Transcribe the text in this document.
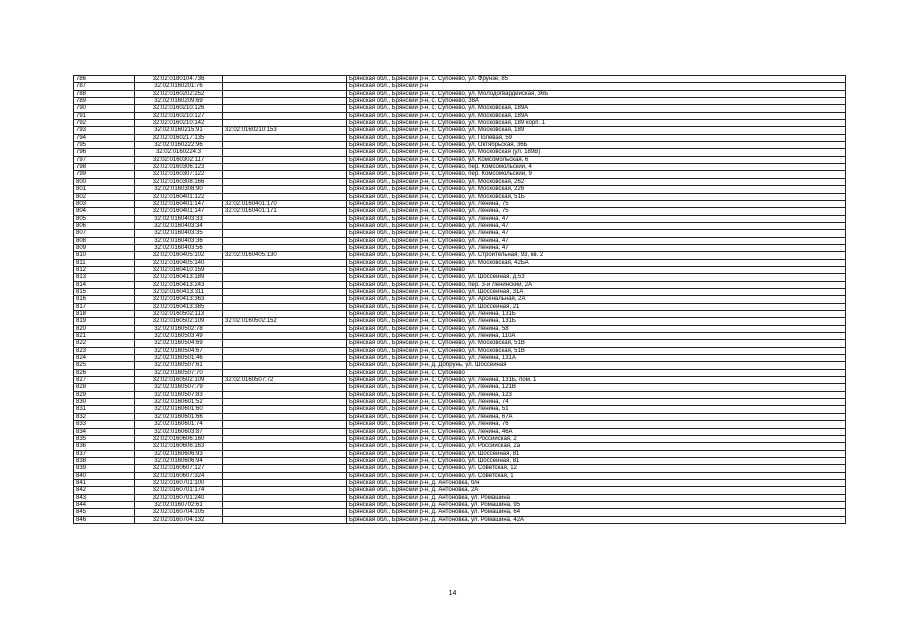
786	32:02:0180104:736		Брянская обл., Брянский р-н, с. Супонево, ул. Фрунзе, 85
787	32:02:0160201:76		Брянская обл., Брянский р-н
788	32:02:0160202:252		Брянская обл., Брянский р-н, с. Супонево, ул. Молодогвардейская, 36Б
789	32:02:0160209:69		Брянская обл., Брянский р-н, с. Супонево, 38А
790	32:02:0160210:126		Брянская обл., Брянский р-н, с. Супонево, ул. Московская, 189А
791	32:02:0160210:127		Брянская обл., Брянский р-н, с. Супонево, ул. Московская, 189А
792	32:02:0160210:142		Брянская обл., Брянский р-н, с. Супонево, ул. Московская, 189 корп. 1
793	32:02:0160215:91	32:02:0160210:153	Брянская обл., Брянский р-н, с. Супонево, ул. Московская, 189
794	32:02:0160217:135		Брянская обл., Брянский р-н, с. Супонево, ул. Полевая, 59
795	32:02:0160222:96		Брянская обл., Брянский р-н, с. Супонево, ул. Октябрьская, 36Б
796	32:02:0160224:3		Брянская обл., Брянский р-н, с. Супонево, ул. Московская (ул. 189В)
797	32:02:0160302:117		Брянская обл., Брянский р-н, с. Супонево, ул. Комсомольская, 6
798	32:02:0160306:123		Брянская обл., Брянский р-н, с. Супонево, пер. Комсомольский, 4
799	32:02:0160307:122		Брянская обл., Брянский р-н, с. Супонево, пер. Комсомольский, 9
800	32:02:0160308:166		Брянская обл., Брянский р-н, с. Супонево, ул. Московская, 262
801	32:02:0160308:90		Брянская обл., Брянский р-н, с. Супонево, ул. Московская, 226
802	32:02:0160401:122		Брянская обл., Брянский р-н, с. Супонево, ул. Московская, 51Б
803	32:02:0160401:147	32:02:0160401:170	Брянская обл., Брянский р-н, с. Супонево, ул. Ленина, 75
804	32:02:0160401:147	32:02:0160401:171	Брянская обл., Брянский р-н, с. Супонево, ул. Ленина, 75
805	32:02:0160403:33		Брянская обл., Брянский р-н, с. Супонево, ул. Ленина, 47
806	32:02:0160403:34		Брянская обл., Брянский р-н, с. Супонево, ул. Ленина, 47
807	32:02:0160403:35		Брянская обл., Брянский р-н, с. Супонево, ул. Ленина, 47
808	32:02:0160403:36		Брянская обл., Брянский р-н, с. Супонево, ул. Ленина, 47
809	32:02:0160403:56		Брянская обл., Брянский р-н, с. Супонево, ул. Ленина, 47
810	32:02:0160405:102	32:02:0160405:130	Брянская обл., Брянский р-н, с. Супонево, ул. Строительная, 93, кв. 2
811	32:02:0160405:140		Брянская обл., Брянский р-н, с. Супонево, ул. Московская, 42БА
812	32:02:0160410:159		Брянская обл., Брянский р-н, с. Супонево
813	32:02:0160413:189		Брянская обл., Брянский р-н, с. Супонево, ул. Шоссейная, д.53
814	32:02:0160413:243		Брянская обл., Брянский р-н, с. Супонево, пер. 3-й Ленинский, 2А
815	32:02:0160413:311		Брянская обл., Брянский р-н, с. Супонево, ул. Шоссейная, 31А
816	32:02:0160413:363		Брянская обл., Брянский р-н, с. Супонево, ул. Арсенальная, 2А
817	32:02:0160413:385		Брянская обл., Брянский р-н, с. Супонево, ул. Шоссейная, 21
818	32:02:0160502:113		Брянская обл., Брянский р-н, с. Супонево, ул. Ленина, 131Б
819	32:02:0160502:109	32:02:0160502:152	Брянская обл., Брянский р-н, с. Супонево, ул. Ленина, 131Б
820	32:02:0160502:78		Брянская обл., Брянский р-н, с. Супонево, ул. Ленина, 58
821	32:02:0160503:49		Брянская обл., Брянский р-н, с. Супонево, ул. Ленина, 110А
822	32:02:0160504:69		Брянская обл., Брянский р-н, с. Супонево, ул. Московская, 51В
823	32:02:0160504:67		Брянская обл., Брянский р-н, с. Супонево, ул. Московская, 51В
824	32:02:0160501:46		Брянская обл., Брянский р-н, с. Супонево, ул. Ленина, 131А
825	32:02:0160507:61		Брянская обл., Брянский р-н, д. Добрунь, ул. Шоссейная
826	32:02:0160507:70		Брянская обл., Брянский р-н, с. Супонево
827	32:02:0160502:109	32:02:0160507:72	Брянская обл., Брянский р-н, с. Супонево, ул. Ленина, 131Б, пом. 1
828	32:02:0160507:79		Брянская обл., Брянский р-н, с. Супонево, ул. Ленина, 121В
829	32:02:0160507:83		Брянская обл., Брянский р-н, с. Супонево, ул. Ленина, 123
830	32:02:0160601:52		Брянская обл., Брянский р-н, с. Супонево, ул. Ленина, 74
831	32:02:0160601:60		Брянская обл., Брянский р-н, с. Супонево, ул. Ленина, 51
832	32:02:0160601:66		Брянская обл., Брянский р-н, с. Супонево, ул. Ленина, 67А
833	32:02:0160601:74		Брянская обл., Брянский р-н, с. Супонево, ул. Ленина, 76
834	32:02:0160603:87		Брянская обл., Брянский р-н, с. Супонево, ул. Ленина, 46А
835	32:02:0160606:160		Брянская обл., Брянский р-н, с. Супонево, ул. Российская, 2
836	32:02:0160606:163		Брянская обл., Брянский р-н, с. Супонево, ул. Российская, 2а
837	32:02:0160606:93		Брянская обл., Брянский р-н, с. Супонево, ул. Шоссейная, 81
838	32:02:0160606:94		Брянская обл., Брянский р-н, с. Супонево, ул. Шоссейная, 81
839	32:02:0160607:127		Брянская обл., Брянский р-н, с. Супонево, ул. Советская, 12
840	32:02:0160607:324		Брянская обл., Брянский р-н, с. Супонево, ул. Советская, 1
841	32:02:0160701:100		Брянская обл., Брянский р-н, д. Антоновка, б/н
842	32:02:0160701:174		Брянская обл., Брянский р-н, д. Антоновка, 2А
843	32:02:0160701:240		Брянская обл., Брянский р-н, д. Антоновка, ул. Ромашина
844	32:02:0160702:61		Брянская обл., Брянский р-н, д. Антоновка, ул. Ромашина, 95
845	32:02:0160704:105		Брянская обл., Брянский р-н, д. Антоновка, ул. Ромашина, 64
846	32:02:0160704:132		Брянская обл., Брянский р-н, д. Антоновка, ул. Ромашина, 42А
14
